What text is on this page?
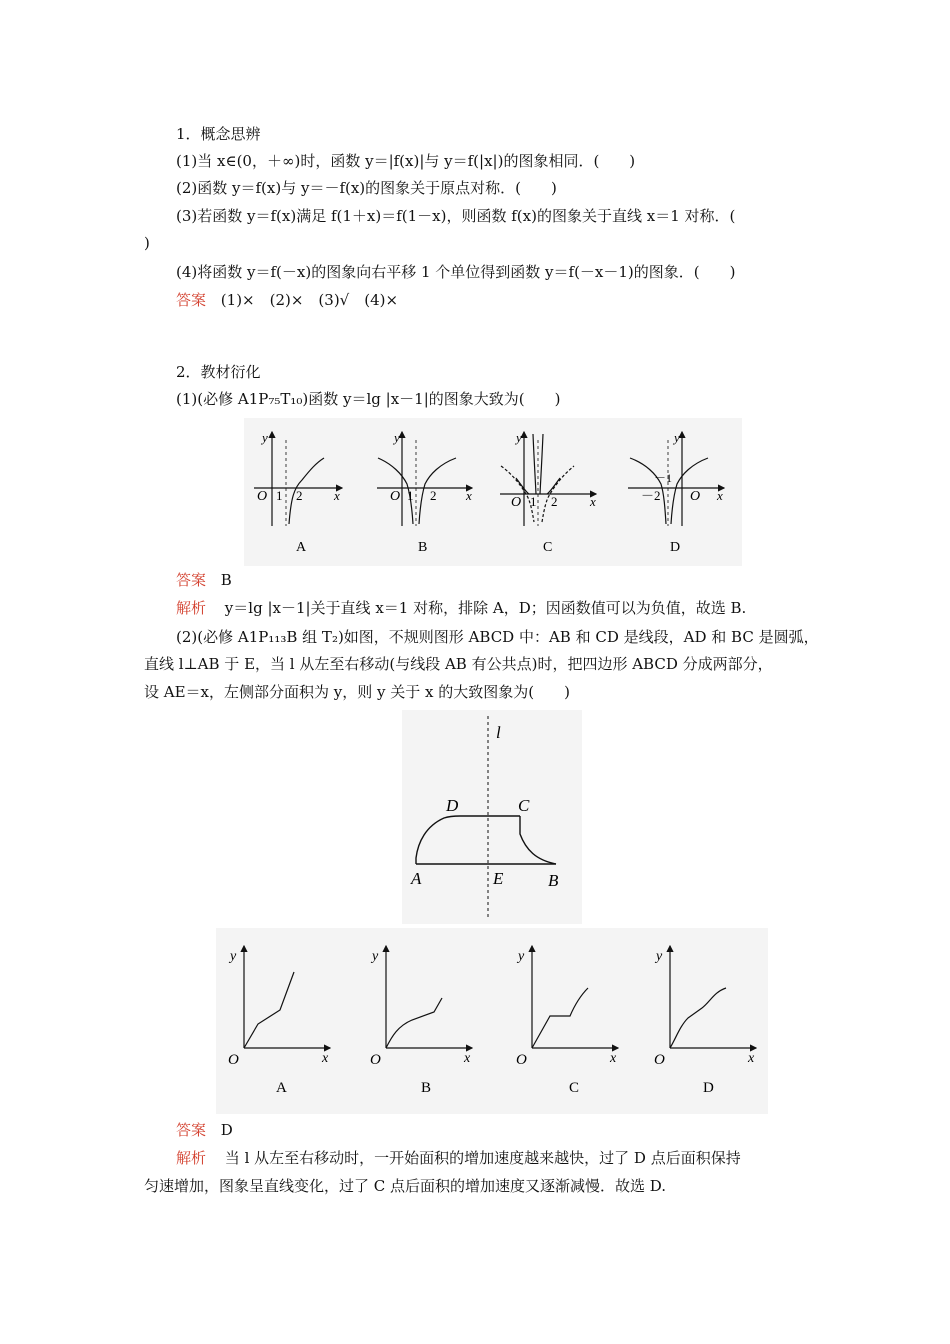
1．概念思辨
(1)当 x∈(0，＋∞)时，函数 y＝|f(x)|与 y＝f(|x|)的图象相同．(　　)
(2)函数 y＝f(x)与 y＝－f(x)的图象关于原点对称．(　　)
(3)若函数 y＝f(x)满足 f(1＋x)＝f(1－x)，则函数 f(x)的图象关于直线 x＝1 对称．(
)
(4)将函数 y＝f(－x)的图象向右平移 1 个单位得到函数 y＝f(－x－1)的图象．(　　)
答案 (1)×　(2)×　(3)√　(4)×
2．教材衍化
(1)(必修 A1P₇₅T₁₀)函数 y＝lg |x－1|的图象大致为(　　)
y
x
O 1 2
y
x
O 1 2
y
x
O 1 2
y
x
O
－2
－1
A	B	C	D
答案 B
解析 y＝lg |x－1|关于直线 x＝1 对称，排除 A，D；因函数值可以为负值，故选 B.
(2)(必修 A1P₁₁₃B 组 T₂)如图，不规则图形 ABCD 中：AB 和 CD 是线段，AD 和 BC 是圆弧，
直线 l⊥AB 于 E，当 l 从左至右移动(与线段 AB 有公共点)时，把四边形 ABCD 分成两部分，
设 AE＝x，左侧部分面积为 y，则 y 关于 x 的大致图象为(　　)
l
D	C
A	E	B
y
x
O
y
x
O
y
x
O
y
x
O
A	B	C	D
答案 D
解析 当 l 从左至右移动时，一开始面积的增加速度越来越快，过了 D 点后面积保持
匀速增加，图象呈直线变化，过了 C 点后面积的增加速度又逐渐减慢．故选 D.
